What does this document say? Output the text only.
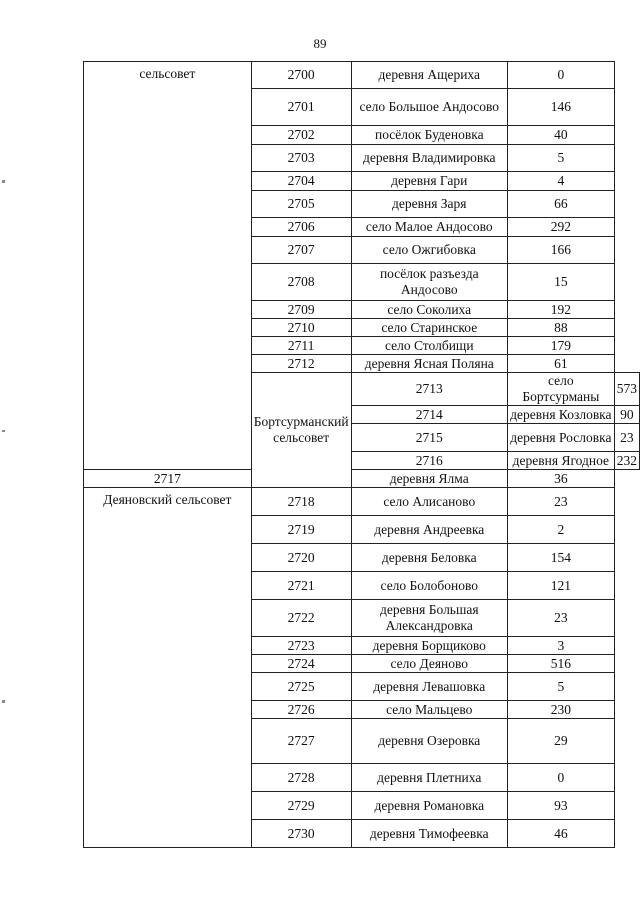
89
сельсовет	2700	деревня Ащериха	0	
	2701	село Большое Андосово	146	
	2702	посёлок Буденовка	40	
	2703	деревня Владимировка	5	
	2704	деревня Гари	4	
	2705	деревня Заря	66	
	2706	село Малое Андосово	292	
	2707	село Ожгибовка	166	
	2708	посёлок разъезда Андосово	15	
	2709	село Соколиха	192	
	2710	село Старинское	88	
	2711	село Столбищи	179	
	2712	деревня Ясная Поляна	61	
	Бортсурманский сельсовет	2713	село Бортсурманы	573
		2714	деревня Козловка	90
		2715	деревня Рословка	23
		2716	деревня Ягодное	232
2717		деревня Ялма	36	
Деяновский сельсовет	2718	село Алисаново	23	
	2719	деревня Андреевка	2	
	2720	деревня Беловка	154	
	2721	село Болобоново	121	
	2722	деревня Большая Александровка	23	
	2723	деревня Борщиково	3	
	2724	село Деяново	516	
	2725	деревня Левашовка	5	
	2726	село Мальцево	230	
	2727	деревня Озеровка	29	
	2728	деревня Плетниха	0	
	2729	деревня Романовка	93	
	2730	деревня Тимофеевка	46	
